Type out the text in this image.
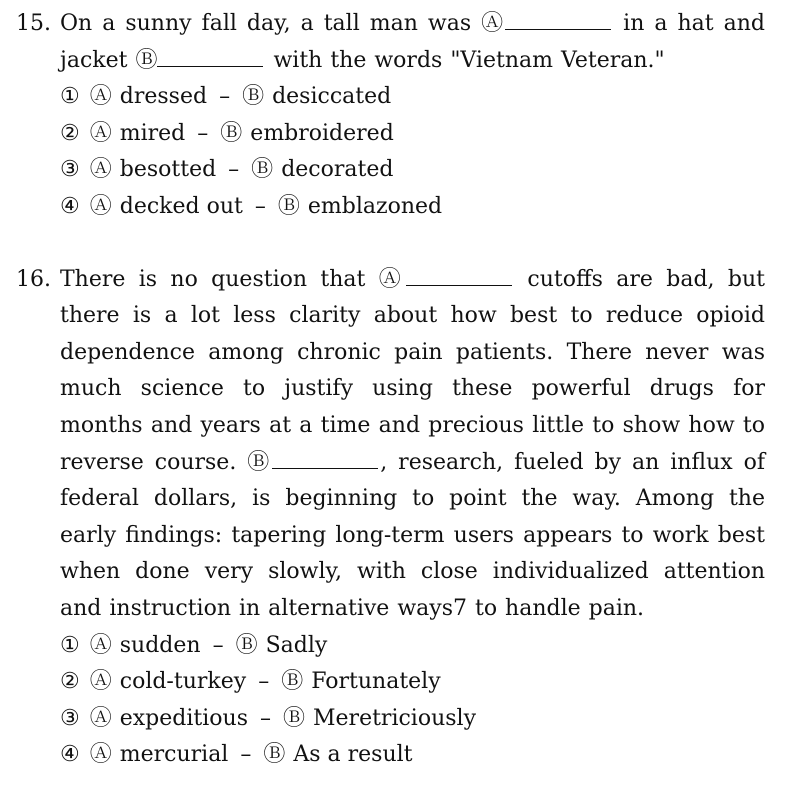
15. On a sunny fall day, a tall man was Ⓐ	in a hat and jacket Ⓑ	with the words "Vietnam Veteran."
① Ⓐ dressed – Ⓑ desiccated
② Ⓐ mired – Ⓑ embroidered
③ Ⓐ besotted – Ⓑ decorated
④ Ⓐ decked out – Ⓑ emblazoned
16. There is no question that Ⓐ	cutoffs are bad, but there is a lot less clarity about how best to reduce opioid dependence among chronic pain patients. There never was much science to justify using these powerful drugs for months and years at a time and precious little to show how to reverse course. Ⓑ	, research, fueled by an influx of federal dollars, is beginning to point the way. Among the early findings: tapering long-term users appears to work best when done very slowly, with close individualized attention and instruction in alternative ways7 to handle pain.
① Ⓐ sudden – Ⓑ Sadly
② Ⓐ cold-turkey – Ⓑ Fortunately
③ Ⓐ expeditious – Ⓑ Meretriciously
④ Ⓐ mercurial – Ⓑ As a result
